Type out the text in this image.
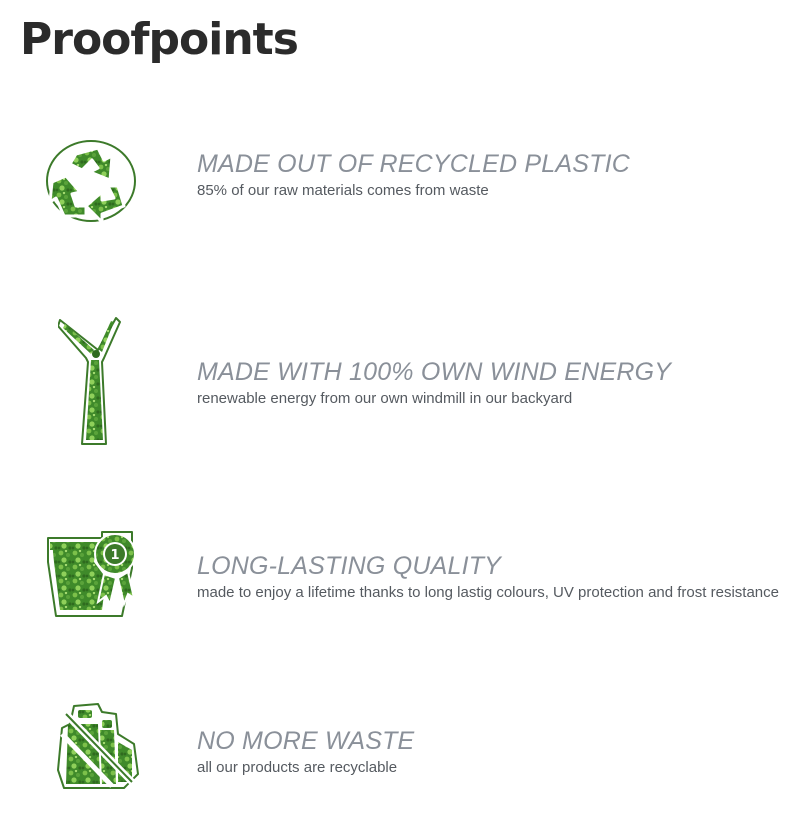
Proofpoints
MADE OUT OF RECYCLED PLASTIC

85% of our raw materials comes from waste

MADE WITH 100% OWN WIND ENERGY

renewable energy from our own windmill in our backyard

1	LONG-LASTING QUALITY

made to enjoy a lifetime thanks to long lastig colours, UV protection and frost resistance

NO MORE WASTE

all our products are recyclable
